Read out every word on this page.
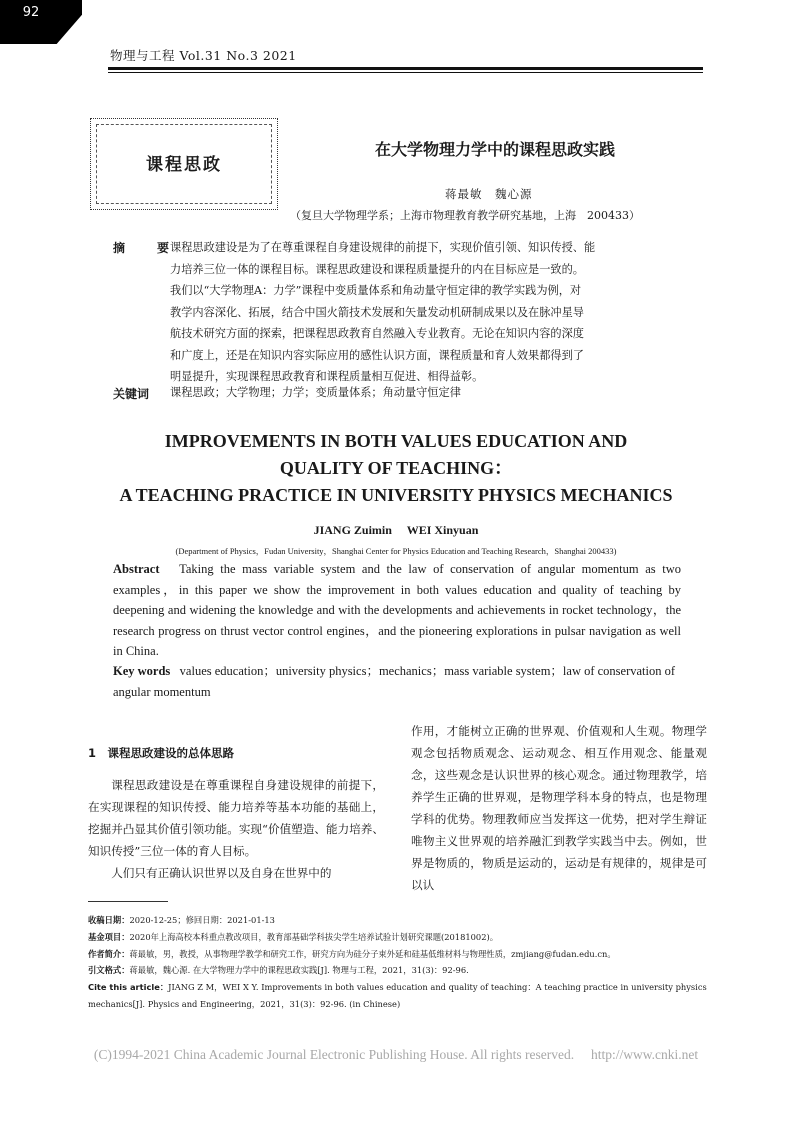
92
物理与工程 Vol.31 No.3 2021
课程思政
在大学物理力学中的课程思政实践
蒋最敏　魏心源
（复旦大学物理学系；上海市物理教育教学研究基地，上海　200433）
摘　要
课程思政建设是为了在尊重课程自身建设规律的前提下，实现价值引领、知识传授、能
力培养三位一体的课程目标。课程思政建设和课程质量提升的内在目标应是一致的。
我们以“大学物理A：力学”课程中变质量体系和角动量守恒定律的教学实践为例，对
教学内容深化、拓展，结合中国火箭技术发展和矢量发动机研制成果以及在脉冲星导
航技术研究方面的探索，把课程思政教育自然融入专业教育。无论在知识内容的深度
和广度上，还是在知识内容实际应用的感性认识方面，课程质量和育人效果都得到了
明显提升，实现课程思政教育和课程质量相互促进、相得益彰。
关键词 课程思政；大学物理；力学；变质量体系；角动量守恒定律
IMPROVEMENTS IN BOTH VALUES EDUCATION AND
QUALITY OF TEACHING：
A TEACHING PRACTICE IN UNIVERSITY PHYSICS MECHANICS
JIANG Zuimin　 WEI Xinyuan
(Department of Physics，Fudan University，Shanghai Center for Physics Education and Teaching Research，Shanghai 200433)
Abstract Taking the mass variable system and the law of conservation of angular momentum as two examples，in this paper we show the improvement in both values education and quality of teaching by deepening and widening the knowledge and with the developments and achievements in rocket technology，the research progress on thrust vector control engines，and the pioneering explorations in pulsar navigation as well in China.
Key words values education；university physics；mechanics；mass variable system；law of conservation of angular momentum
1　课程思政建设的总体思路

课程思政建设是在尊重课程自身建设规律的前提下，在实现课程的知识传授、能力培养等基本功能的基础上，挖掘并凸显其价值引领功能。实现“价值塑造、能力培养、知识传授”三位一体的育人目标。

人们只有正确认识世界以及自身在世界中的

作用，才能树立正确的世界观、价值观和人生观。物理学观念包括物质观念、运动观念、相互作用观念、能量观念，这些观念是认识世界的核心观念。通过物理教学，培养学生正确的世界观，是物理学科本身的特点，也是物理学科的优势。物理教师应当发挥这一优势，把对学生辩证唯物主义世界观的培养融汇到教学实践当中去。例如，世界是物质的，物质是运动的，运动是有规律的，规律是可以认
收稿日期：2020-12-25；修回日期：2021-01-13
基金项目：2020年上海高校本科重点教改项目，教育部基础学科拔尖学生培养试验计划研究课题(20181002)。
作者简介：蒋最敏，男，教授，从事物理学教学和研究工作，研究方向为硅分子束外延和硅基低维材料与物理性质，zmjiang@fudan.edu.cn。
引文格式：蒋最敏，魏心源. 在大学物理力学中的课程思政实践[J]. 物理与工程，2021，31(3)：92-96.
Cite this article：JIANG Z M，WEI X Y. Improvements in both values education and quality of teaching：A teaching practice in university physics mechanics[J]. Physics and Engineering，2021，31(3)：92-96. (in Chinese)
(C)1994-2021 China Academic Journal Electronic Publishing House. All rights reserved.　 http://www.cnki.net
